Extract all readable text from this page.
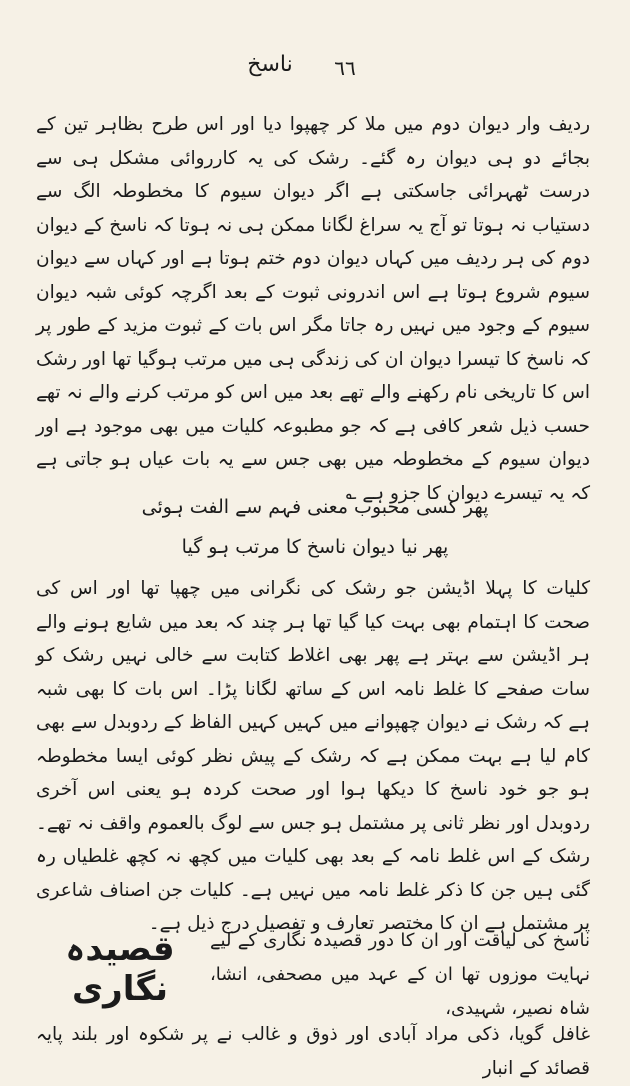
٦٦
ناسخ

ردیف وار دیوان دوم میں ملا کر چھپوا دیا اور اس طرح بظاہر تین کے بجائے دو ہی دیوان رہ گئے۔ رشک کی یہ کارروائی مشکل ہی سے درست ٹھہرائی جاسکتی ہے اگر دیوان سیوم کا مخطوطہ الگ سے دستیاب نہ ہوتا تو آج یہ سراغ لگانا ممکن ہی نہ ہوتا کہ ناسخ کے دیوان دوم کی ہر ردیف میں کہاں دیوان دوم ختم ہوتا ہے اور کہاں سے دیوان سیوم شروع ہوتا ہے اس اندرونی ثبوت کے بعد اگرچہ کوئی شبہ دیوان سیوم کے وجود میں نہیں رہ جاتا مگر اس بات کے ثبوت مزید کے طور پر کہ ناسخ کا تیسرا دیوان ان کی زندگی ہی میں مرتب ہوگیا تھا اور رشک اس کا تاریخی نام رکھنے والے تھے بعد میں اس کو مرتب کرنے والے نہ تھے حسب ذیل شعر کافی ہے کہ جو مطبوعہ کلیات میں بھی موجود ہے اور دیوان سیوم کے مخطوطہ میں بھی جس سے یہ بات عیاں ہو جاتی ہے کہ یہ تیسرے دیوان کا جزو ہے ؎

پھر کسی محبوب معنی فہم سے الفت ہوئی
پھر نیا دیوان ناسخ کا مرتب ہو گیا

کلیات کا پہلا اڈیشن جو رشک کی نگرانی میں چھپا تھا اور اس کی صحت کا اہتمام بھی بہت کیا گیا تھا ہر چند کہ بعد میں شایع ہونے والے ہر اڈیشن سے بہتر ہے پھر بھی اغلاط کتابت سے خالی نہیں رشک کو سات صفحے کا غلط نامہ اس کے ساتھ لگانا پڑا۔ اس بات کا بھی شبہ ہے کہ رشک نے دیوان چھپوانے میں کہیں کہیں الفاظ کے ردوبدل سے بھی کام لیا ہے بہت ممکن ہے کہ رشک کے پیش نظر کوئی ایسا مخطوطہ ہو جو خود ناسخ کا دیکھا ہوا اور صحت کردہ ہو یعنی اس آخری ردوبدل اور نظر ثانی پر مشتمل ہو جس سے لوگ بالعموم واقف نہ تھے۔ رشک کے اس غلط نامہ کے بعد بھی کلیات میں کچھ نہ کچھ غلطیاں رہ گئی ہیں جن کا ذکر غلط نامہ میں نہیں ہے۔ کلیات جن اصناف شاعری پر مشتمل ہے ان کا مختصر تعارف و تفصیل درج ذیل ہے۔

قصیدہ نگاری

ناسخ کی لیاقت اور ان کا دور قصیدہ نگاری کے لیے نہایت موزوں تھا ان کے عہد میں مصحفی، انشا، شاہ نصیر، شہیدی،

غافل گویا، ذکی مراد آبادی اور ذوق و غالب نے پر شکوہ اور بلند پایہ قصائد کے انبار
